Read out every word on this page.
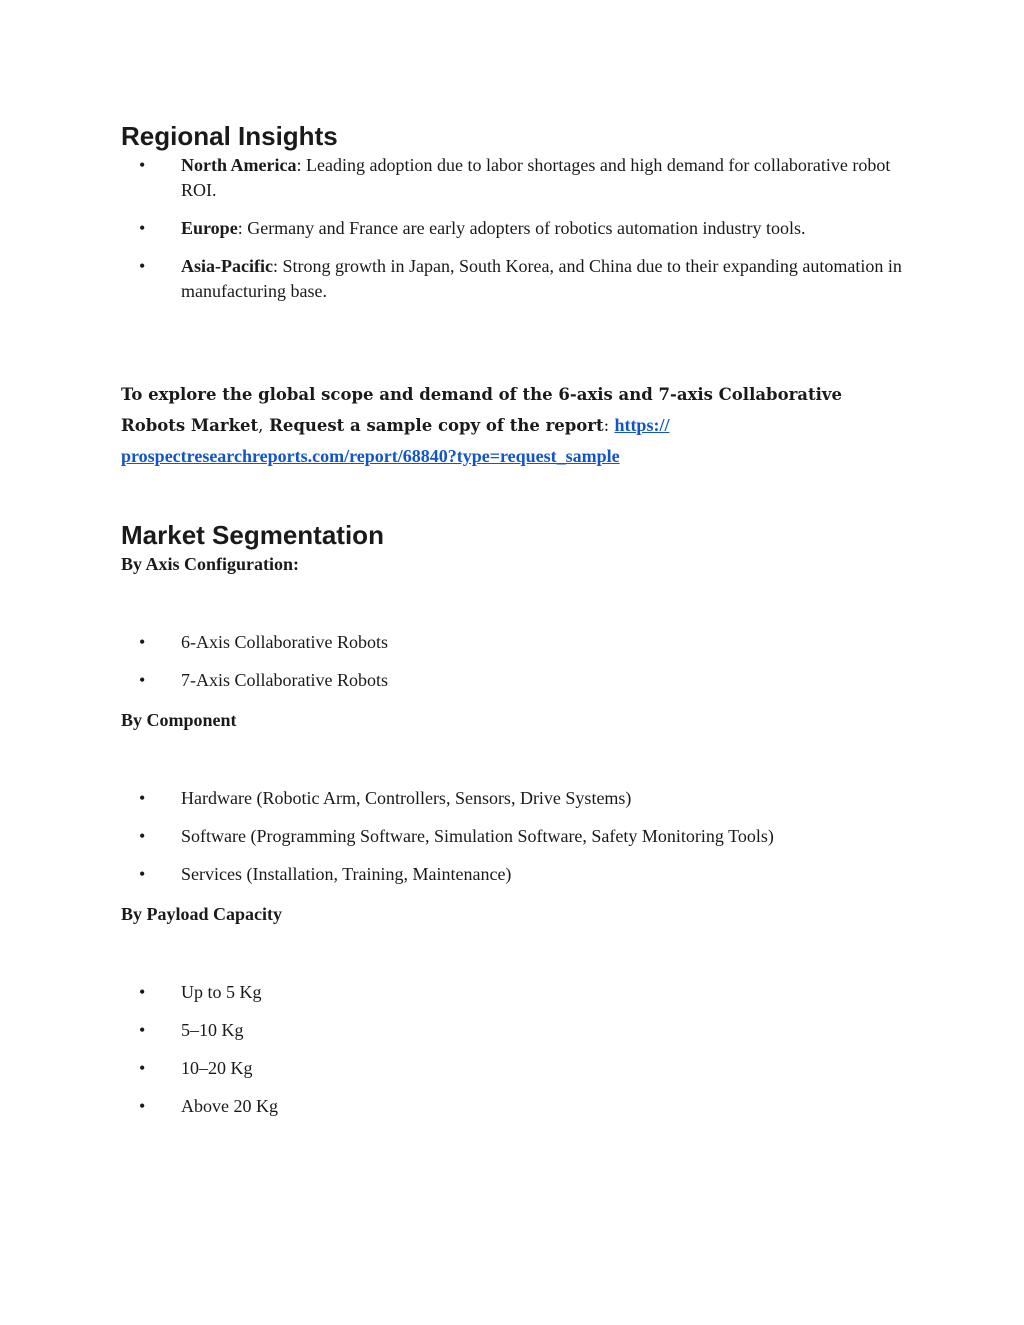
Regional Insights
• North America: Leading adoption due to labor shortages and high demand for collaborative robot ROI.
• Europe: Germany and France are early adopters of robotics automation industry tools.
• Asia-Pacific: Strong growth in Japan, South Korea, and China due to their expanding automation in manufacturing base.

To explore the global scope and demand of the 6-axis and 7-axis Collaborative Robots Market, Request a sample copy of the report: https://
prospectresearchreports.com/report/68840?type=request_sample

Market Segmentation

By Axis Configuration:

• 6-Axis Collaborative Robots
• 7-Axis Collaborative Robots

By Component

• Hardware (Robotic Arm, Controllers, Sensors, Drive Systems)
• Software (Programming Software, Simulation Software, Safety Monitoring Tools)
• Services (Installation, Training, Maintenance)

By Payload Capacity

• Up to 5 Kg
• 5–10 Kg
• 10–20 Kg
• Above 20 Kg
